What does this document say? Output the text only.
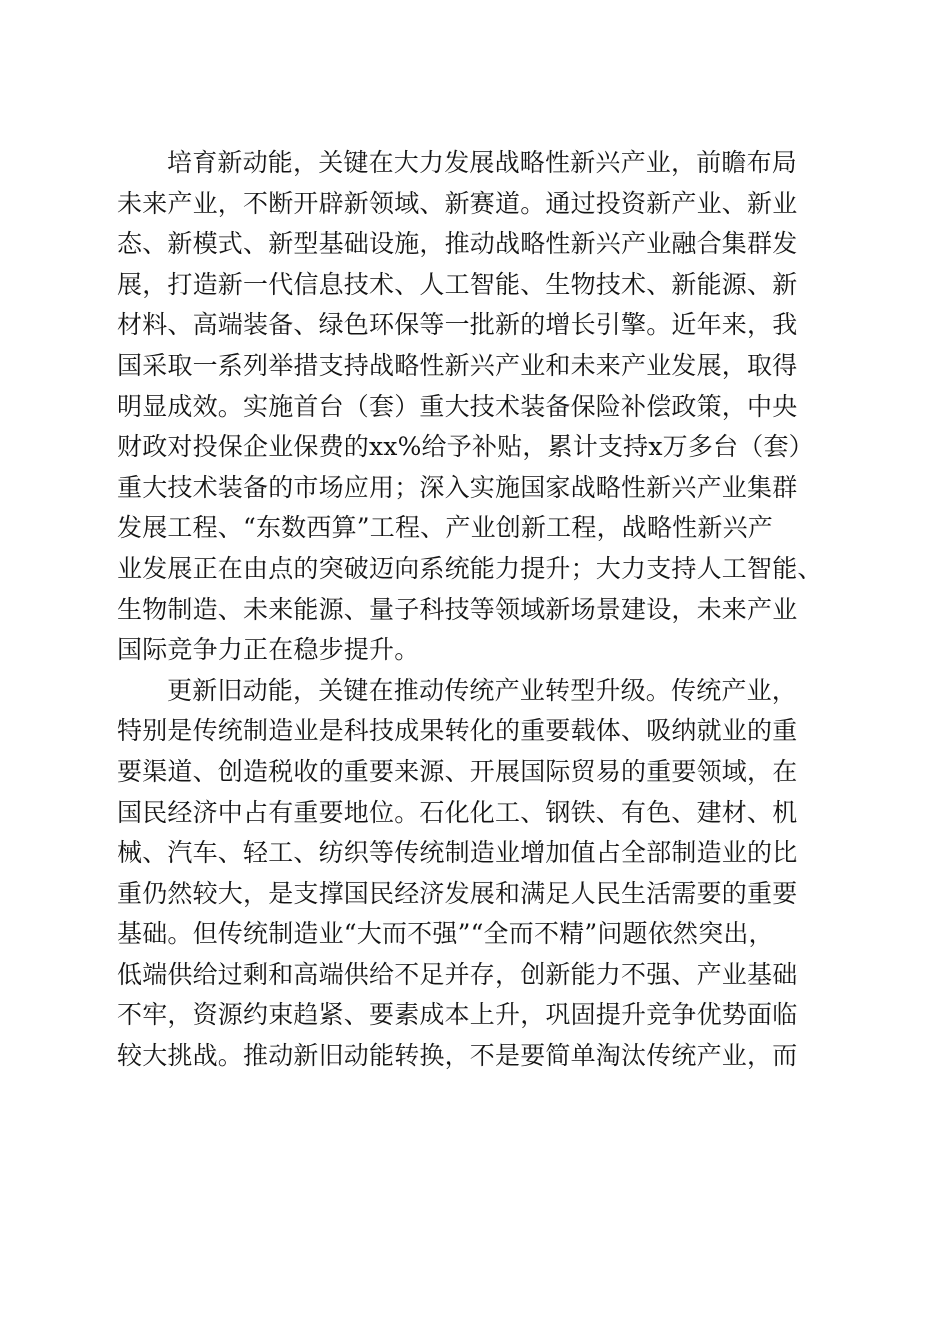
培育新动能，关键在大力发展战略性新兴产业，前瞻布局
未来产业，不断开辟新领域、新赛道。通过投资新产业、新业
态、新模式、新型基础设施，推动战略性新兴产业融合集群发
展，打造新一代信息技术、人工智能、生物技术、新能源、新
材料、高端装备、绿色环保等一批新的增长引擎。近年来，我
国采取一系列举措支持战略性新兴产业和未来产业发展，取得
明显成效。实施首台（套）重大技术装备保险补偿政策，中央
财政对投保企业保费的xx%给予补贴，累计支持x万多台（套）
重大技术装备的市场应用；深入实施国家战略性新兴产业集群
发展工程、“东数西算”工程、产业创新工程，战略性新兴产
业发展正在由点的突破迈向系统能力提升；大力支持人工智能、
生物制造、未来能源、量子科技等领域新场景建设，未来产业
国际竞争力正在稳步提升。
更新旧动能，关键在推动传统产业转型升级。传统产业，
特别是传统制造业是科技成果转化的重要载体、吸纳就业的重
要渠道、创造税收的重要来源、开展国际贸易的重要领域，在
国民经济中占有重要地位。石化化工、钢铁、有色、建材、机
械、汽车、轻工、纺织等传统制造业增加值占全部制造业的比
重仍然较大，是支撑国民经济发展和满足人民生活需要的重要
基础。但传统制造业“大而不强”“全而不精”问题依然突出，
低端供给过剩和高端供给不足并存，创新能力不强、产业基础
不牢，资源约束趋紧、要素成本上升，巩固提升竞争优势面临
较大挑战。推动新旧动能转换，不是要简单淘汰传统产业，而
